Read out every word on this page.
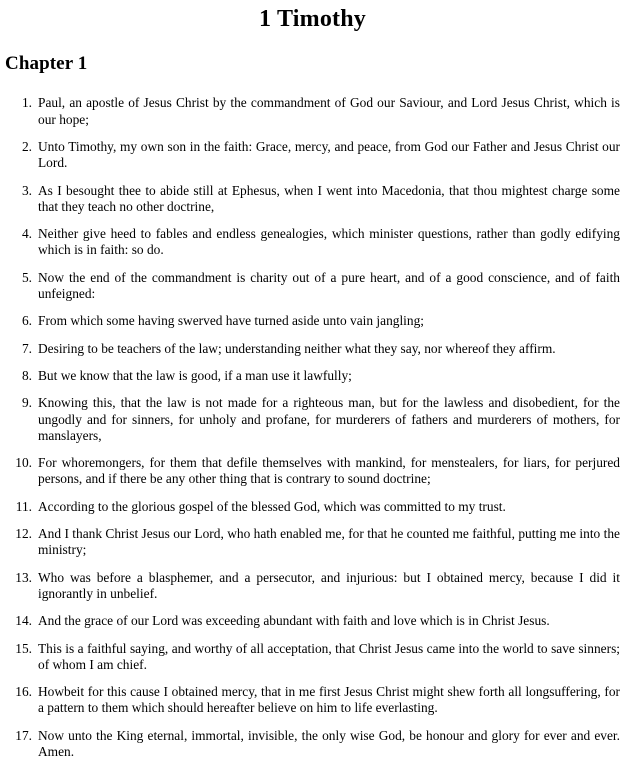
1 Timothy
Chapter 1
1. Paul, an apostle of Jesus Christ by the commandment of God our Saviour, and Lord Jesus Christ, which is our hope;
2. Unto Timothy, my own son in the faith: Grace, mercy, and peace, from God our Father and Jesus Christ our Lord.
3. As I besought thee to abide still at Ephesus, when I went into Macedonia, that thou mightest charge some that they teach no other doctrine,
4. Neither give heed to fables and endless genealogies, which minister questions, rather than godly edifying which is in faith: so do.
5. Now the end of the commandment is charity out of a pure heart, and of a good conscience, and of faith unfeigned:
6. From which some having swerved have turned aside unto vain jangling;
7. Desiring to be teachers of the law; understanding neither what they say, nor whereof they affirm.
8. But we know that the law is good, if a man use it lawfully;
9. Knowing this, that the law is not made for a righteous man, but for the lawless and disobedient, for the ungodly and for sinners, for unholy and profane, for murderers of fathers and murderers of mothers, for manslayers,
10. For whoremongers, for them that defile themselves with mankind, for menstealers, for liars, for perjured persons, and if there be any other thing that is contrary to sound doctrine;
11. According to the glorious gospel of the blessed God, which was committed to my trust.
12. And I thank Christ Jesus our Lord, who hath enabled me, for that he counted me faithful, putting me into the ministry;
13. Who was before a blasphemer, and a persecutor, and injurious: but I obtained mercy, because I did it ignorantly in unbelief.
14. And the grace of our Lord was exceeding abundant with faith and love which is in Christ Jesus.
15. This is a faithful saying, and worthy of all acceptation, that Christ Jesus came into the world to save sinners; of whom I am chief.
16. Howbeit for this cause I obtained mercy, that in me first Jesus Christ might shew forth all longsuffering, for a pattern to them which should hereafter believe on him to life everlasting.
17. Now unto the King eternal, immortal, invisible, the only wise God, be honour and glory for ever and ever. Amen.
